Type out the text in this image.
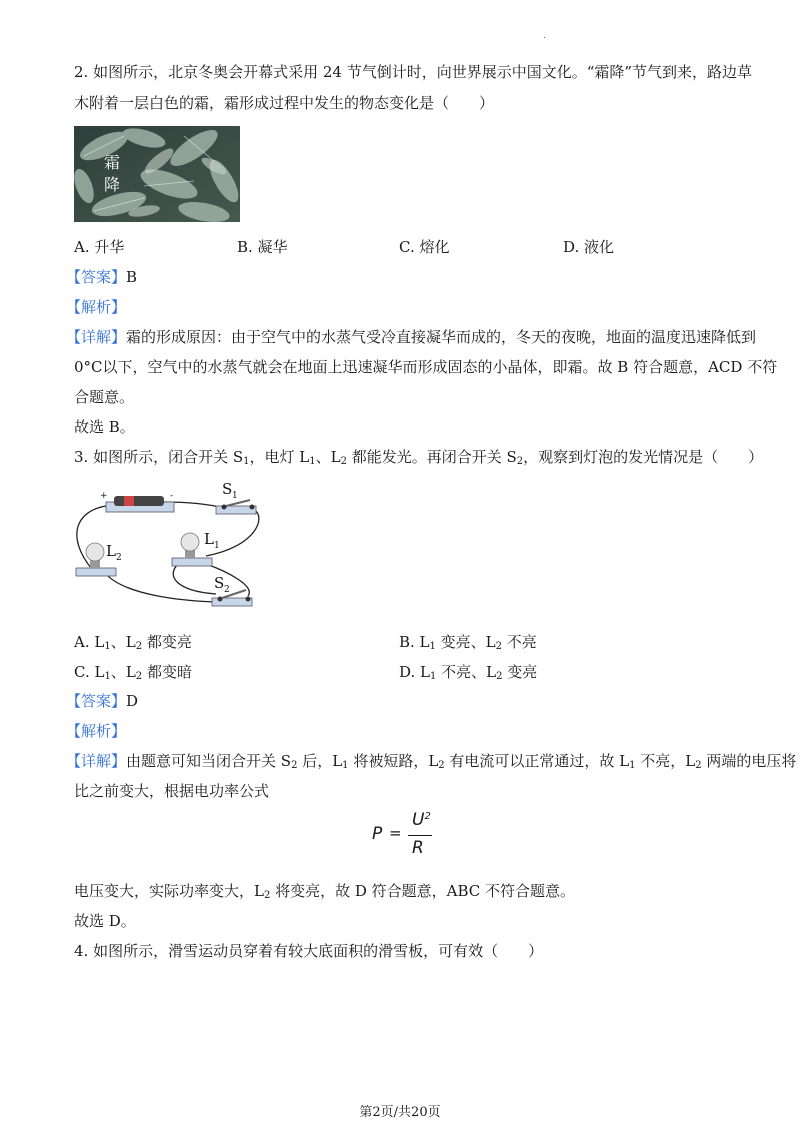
.
2. 如图所示，北京冬奥会开幕式采用 24 节气倒计时，向世界展示中国文化。“霜降”节气到来，路边草
木附着一层白色的霜，霜形成过程中发生的物态变化是（　　）
霜
降
A. 升华	B. 凝华	C. 熔化	D. 液化
【答案】B
【解析】
【详解】霜的形成原因：由于空气中的水蒸气受冷直接凝华而成的，冬天的夜晚，地面的温度迅速降低到
0°C以下，空气中的水蒸气就会在地面上迅速凝华而形成固态的小晶体，即霜。故 B 符合题意，ACD 不符
合题意。
故选 B。
3. 如图所示，闭合开关 $S_1$，电灯 $L_1$、$L_2$ 都能发光。再闭合开关 $S_2$，观察到灯泡的发光情况是（　　）
+	-	S 1
L 2
L 1
S 2
A. $L_1$、$L_2$ 都变亮	B. $L_1$ 变亮、$L_2$ 不亮
C. $L_1$、$L_2$ 都变暗	D. $L_1$ 不亮、$L_2$ 变亮
【答案】D
【解析】
【详解】由题意可知当闭合开关 $S_2$ 后，$L_1$ 将被短路，$L_2$ 有电流可以正常通过，故 $L_1$ 不亮，$L_2$ 两端的电压将
比之前变大，根据电功率公式
P =
$U^2$
R
电压变大，实际功率变大，$L_2$ 将变亮，故 D 符合题意，ABC 不符合题意。
故选 D。
4. 如图所示，滑雪运动员穿着有较大底面积的滑雪板，可有效（　　）
第2页/共20页
